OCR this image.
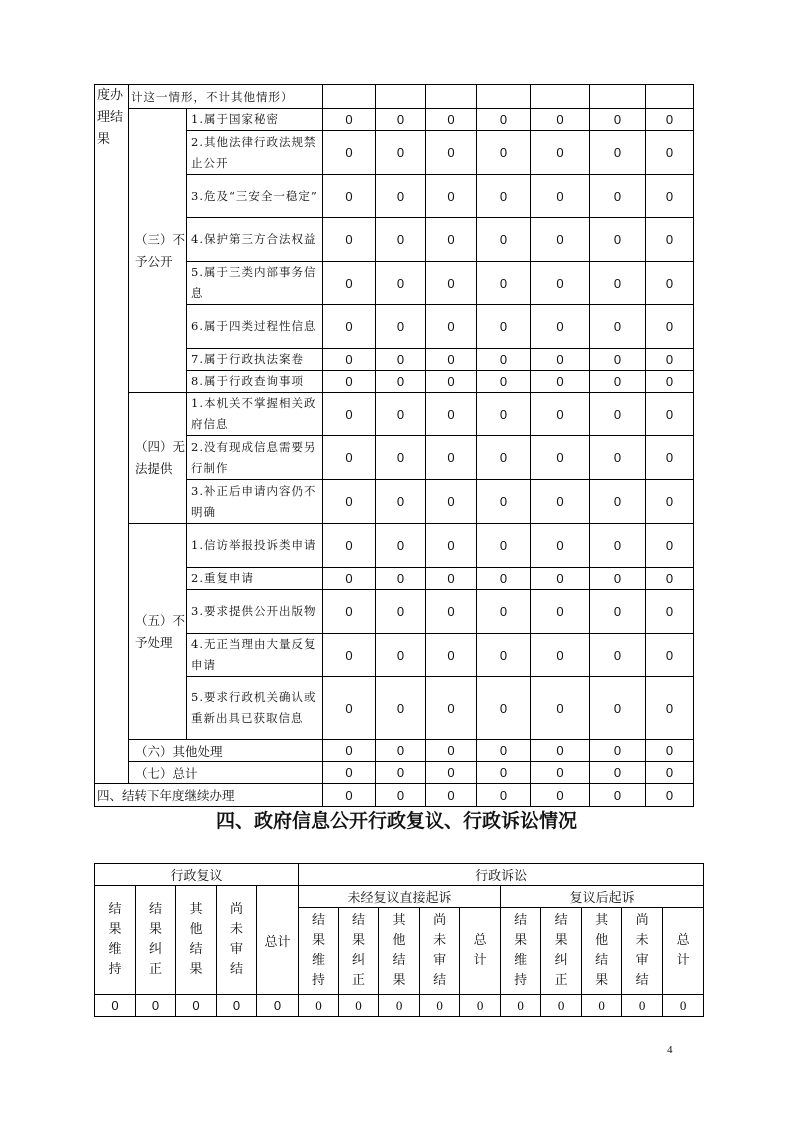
度办理结果	计这一情形，不计其他情形）								
	（三）不予公开	1.属于国家秘密	0	0	0	0	0	0	0
		2.其他法律行政法规禁止公开	0	0	0	0	0	0	0
		3.危及“三安全一稳定”	0	0	0	0	0	0	0
		4.保护第三方合法权益	0	0	0	0	0	0	0
		5.属于三类内部事务信息	0	0	0	0	0	0	0
		6.属于四类过程性信息	0	0	0	0	0	0	0
		7.属于行政执法案卷	0	0	0	0	0	0	0
		8.属于行政查询事项	0	0	0	0	0	0	0
	（四）无法提供	1.本机关不掌握相关政府信息	0	0	0	0	0	0	0
		2.没有现成信息需要另行制作	0	0	0	0	0	0	0
		3.补正后申请内容仍不明确	0	0	0	0	0	0	0
	（五）不予处理	1.信访举报投诉类申请	0	0	0	0	0	0	0
		2.重复申请	0	0	0	0	0	0	0
		3.要求提供公开出版物	0	0	0	0	0	0	0
		4.无正当理由大量反复申请	0	0	0	0	0	0	0
		5.要求行政机关确认或重新出具已获取信息	0	0	0	0	0	0	0
	（六）其他处理		0	0	0	0	0	0	0
	（七）总计		0	0	0	0	0	0	0
四、结转下年度继续办理			0	0	0	0	0	0	0
四、政府信息公开行政复议、行政诉讼情况
行政复议					行政诉讼									
结果维持	结果纠正	其他结果	尚未审结	总计	未经复议直接起诉					复议后起诉				
					结果维持	结果纠正	其他结果	尚未审结	总计	结果维持	结果纠正	其他结果	尚未审结	总计
0	0	0	0	0	0	0	0	0	0	0	0	0	0	0
4
